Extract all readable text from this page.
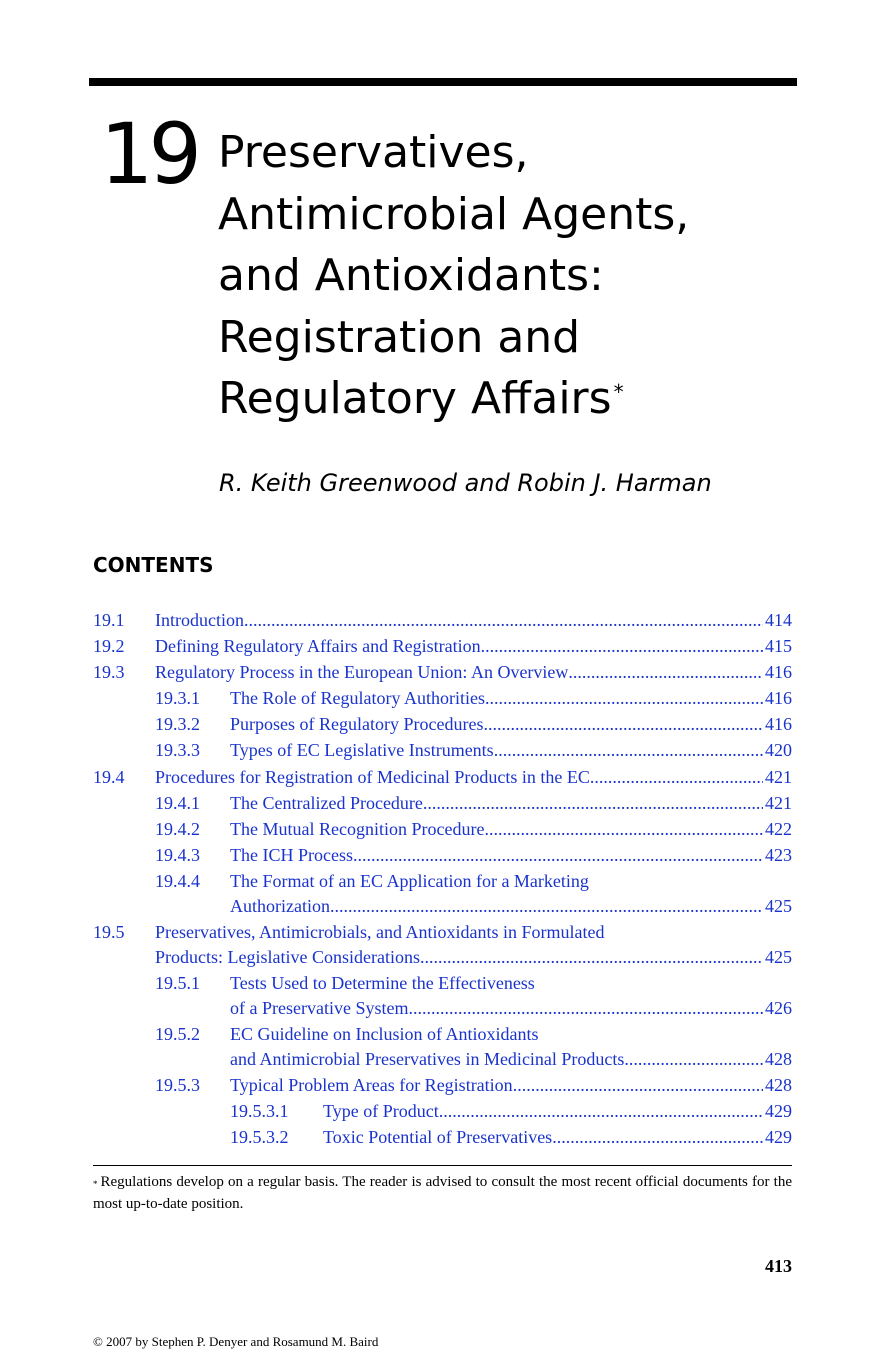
19 Preservatives,
Antimicrobial Agents,
and Antioxidants:
Registration and
Regulatory Affairs *
R. Keith Greenwood and Robin J. Harman
CONTENTS
19.1 Introduction .....	414
19.2 Defining Regulatory Affairs and Registration .....	415
19.3 Regulatory Process in the European Union: An Overview .....	416
19.3.1 The Role of Regulatory Authorities .....	416
19.3.2 Purposes of Regulatory Procedures .....	416
19.3.3 Types of EC Legislative Instruments .....	420
19.4 Procedures for Registration of Medicinal Products in the EC .....	421
19.4.1 The Centralized Procedure .....	421
19.4.2 The Mutual Recognition Procedure .....	422
19.4.3 The ICH Process .....	423
19.4.4 The Format of an EC Application for a Marketing
Authorization .....	425
19.5 Preservatives, Antimicrobials, and Antioxidants in Formulated
Products: Legislative Considerations .....	425
19.5.1 Tests Used to Determine the Effectiveness
of a Preservative System .....	426
19.5.2 EC Guideline on Inclusion of Antioxidants
and Antimicrobial Preservatives in Medicinal Products .....	428
19.5.3 Typical Problem Areas for Registration .....	428
19.5.3.1 Type of Product .....	429
19.5.3.2 Toxic Potential of Preservatives .....	429
* Regulations develop on a regular basis. The reader is advised to consult the most recent official documents for the most up-to-date position.
413
© 2007 by Stephen P. Denyer and Rosamund M. Baird
